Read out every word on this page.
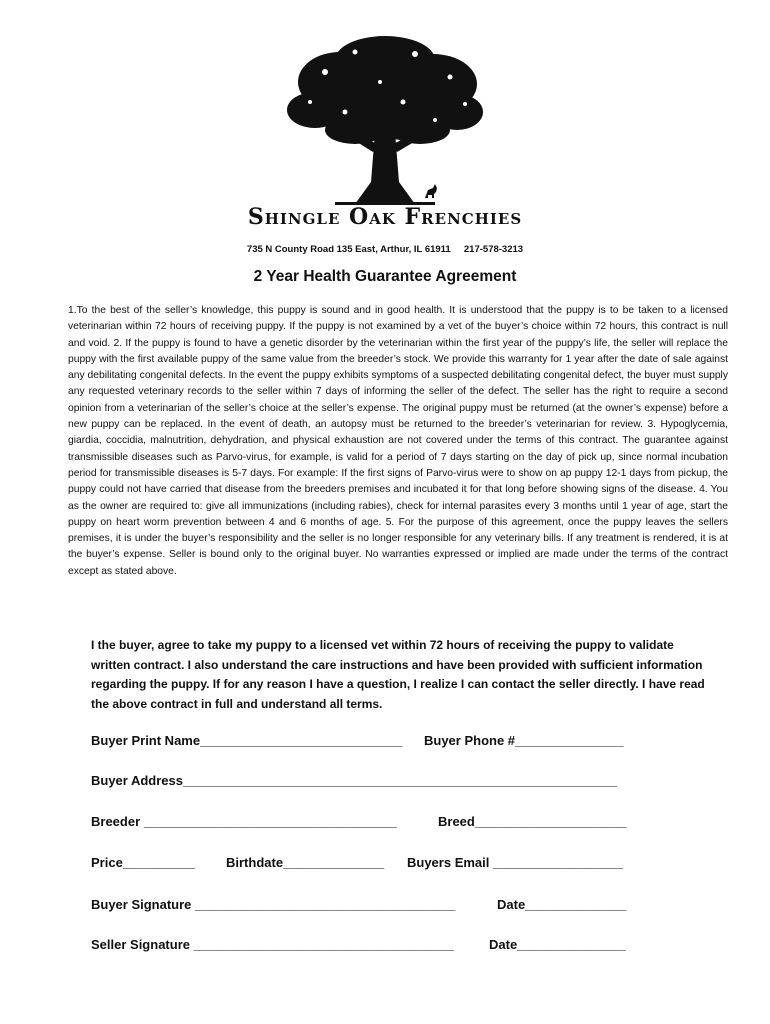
Shingle Oak Frenchies
735 N County Road 135 East, Arthur, IL 61911     217-578-3213
2 Year Health Guarantee Agreement
1.To the best of the seller’s knowledge, this puppy is sound and in good health. It is understood that the puppy is to be taken to a licensed veterinarian within 72 hours of receiving puppy. If the puppy is not examined by a vet of the buyer’s choice within 72 hours, this contract is null and void. 2. If the puppy is found to have a genetic disorder by the veterinarian within the first year of the puppy’s life, the seller will replace the puppy with the first available puppy of the same value from the breeder’s stock. We provide this warranty for 1 year after the date of sale against any debilitating congenital defects. In the event the puppy exhibits symptoms of a suspected debilitating congenital defect, the buyer must supply any requested veterinary records to the seller within 7 days of informing the seller of the defect. The seller has the right to require a second opinion from a veterinarian of the seller’s choice at the seller’s expense. The original puppy must be returned (at the owner’s expense) before a new puppy can be replaced. In the event of death, an autopsy must be returned to the breeder’s veterinarian for review. 3. Hypoglycemia, giardia, coccidia, malnutrition, dehydration, and physical exhaustion are not covered under the terms of this contract. The guarantee against transmissible diseases such as Parvo-virus, for example, is valid for a period of 7 days starting on the day of pick up, since normal incubation period for transmissible diseases is 5-7 days. For example: If the first signs of Parvo-virus were to show on ap puppy 12-1 days from pickup, the puppy could not have carried that disease from the breeders premises and incubated it for that long before showing signs of the disease. 4. You as the owner are required to: give all immunizations (including rabies), check for internal parasites every 3 months until 1 year of age, start the puppy on heart worm prevention between 4 and 6 months of age. 5. For the purpose of this agreement, once the puppy leaves the sellers premises, it is under the buyer’s responsibility and the seller is no longer responsible for any veterinary bills. If any treatment is rendered, it is at the buyer’s expense. Seller is bound only to the original buyer. No warranties expressed or implied are made under the terms of the contract except as stated above.
I the buyer, agree to take my puppy to a licensed vet within 72 hours of receiving the puppy to validate written contract. I also understand the care instructions and have been provided with sufficient information regarding the puppy. If for any reason I have a question, I realize I can contact the seller directly. I have read the above contract in full and understand all terms.
Buyer Print Name____________________________ Buyer Phone #_______________
Buyer Address____________________________________________________________
Breeder ___________________________________	Breed_____________________
Price__________ Birthdate______________ Buyers Email __________________
Buyer Signature ____________________________________	Date______________
Seller Signature ____________________________________	Date_______________
